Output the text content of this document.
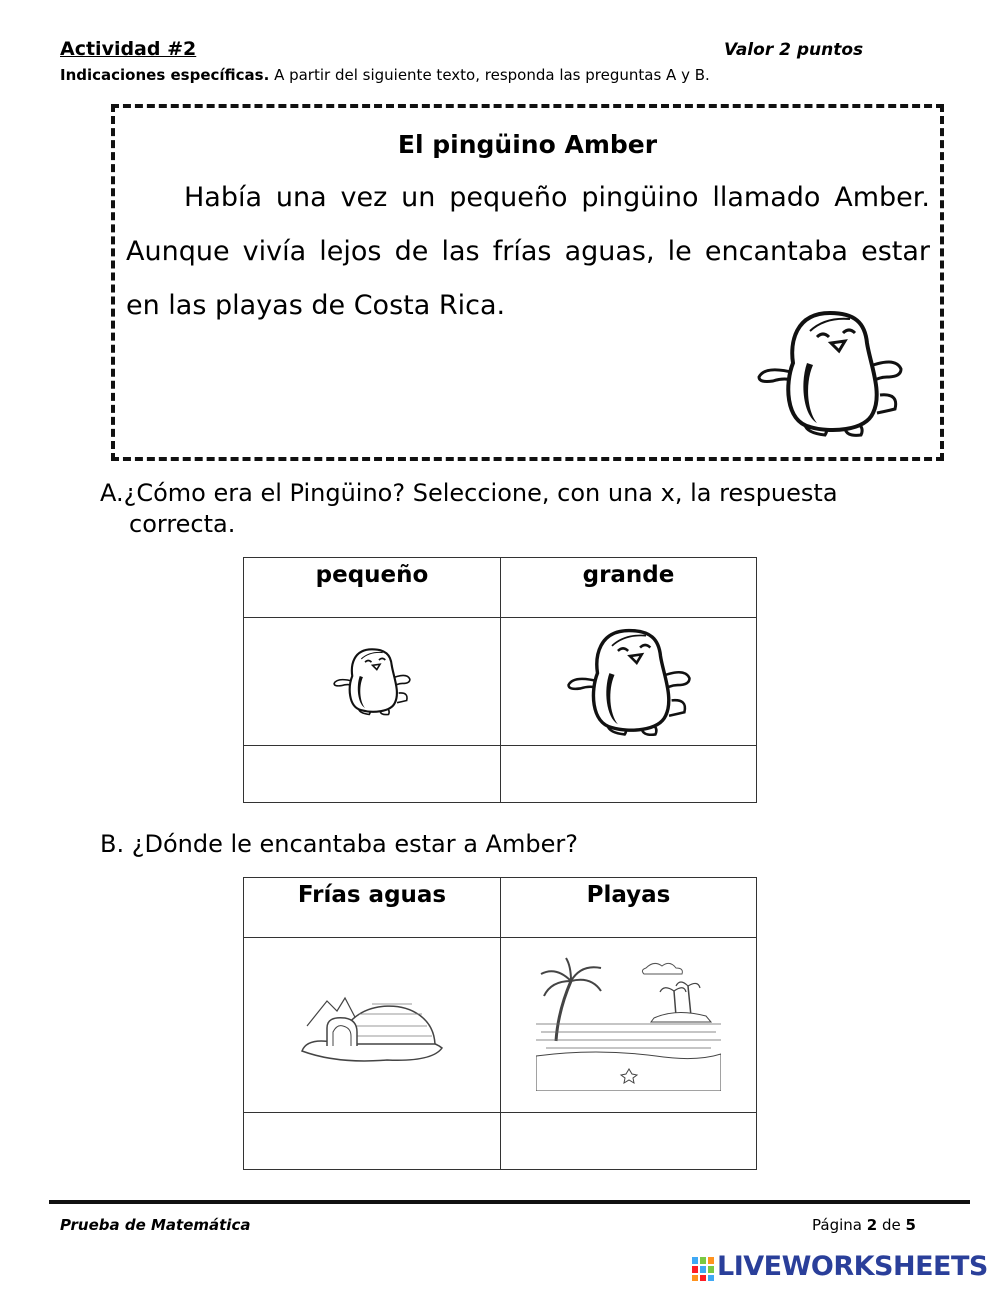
Actividad #2	Valor 2 puntos
Indicaciones específicas. A partir del siguiente texto, responda las preguntas A y B.
El pingüino Amber
Había una vez un pequeño pingüino llamado Amber. Aunque vivía lejos de las frías aguas, le encantaba estar en las playas de Costa Rica.
A.¿Cómo era el Pingüino? Seleccione, con una x, la respuesta correcta.
pequeño	grande

B. ¿Dónde le encantaba estar a Amber?
Frías aguas	Playas

Prueba de Matemática	Página 2 de 5
LIVEWORKSHEETS
